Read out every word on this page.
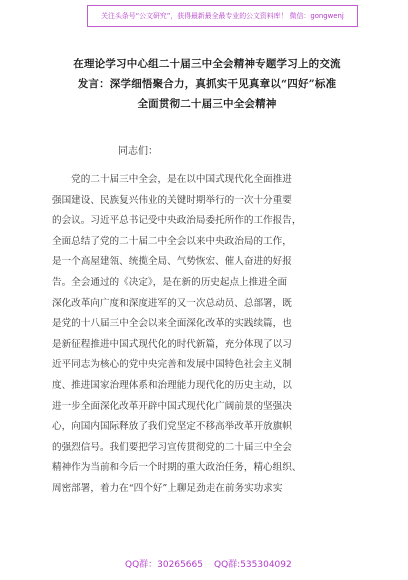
关注头条号“公文研究”，获得最新最全最专业的公文资料库！ 微信：gongwenj
在理论学习中心组二十届三中全会精神专题学习上的交流
发言：深学细悟聚合力，真抓实干见真章以“四好”标准
全面贯彻二十届三中全会精神
同志们：
　　党的二十届三中全会，是在以中国式现代化全面推进
强国建设、民族复兴伟业的关键时期举行的一次十分重要
的会议。习近平总书记受中央政治局委托所作的工作报告，
全面总结了党的二十届二中全会以来中央政治局的工作，
是一个高屋建瓴、统揽全局、气势恢宏、催人奋进的好报
告。全会通过的《决定》，是在新的历史起点上推进全面
深化改革向广度和深度进军的又一次总动员、总部署，既
是党的十八届三中全会以来全面深化改革的实践续篇，也
是新征程推进中国式现代化的时代新篇，充分体现了以习
近平同志为核心的党中央完善和发展中国特色社会主义制
度、推进国家治理体系和治理能力现代化的历史主动，以
进一步全面深化改革开辟中国式现代化广阔前景的坚强决
心，向国内国际释放了我们党坚定不移高举改革开放旗帜
的强烈信号。我们要把学习宣传贯彻党的二十届三中全会
精神作为当前和今后一个时期的重大政治任务，精心组织、
周密部署，着力在“四个好”上聊足劲走在前务实功求实
QQ群：30265665 QQ群:535304092
